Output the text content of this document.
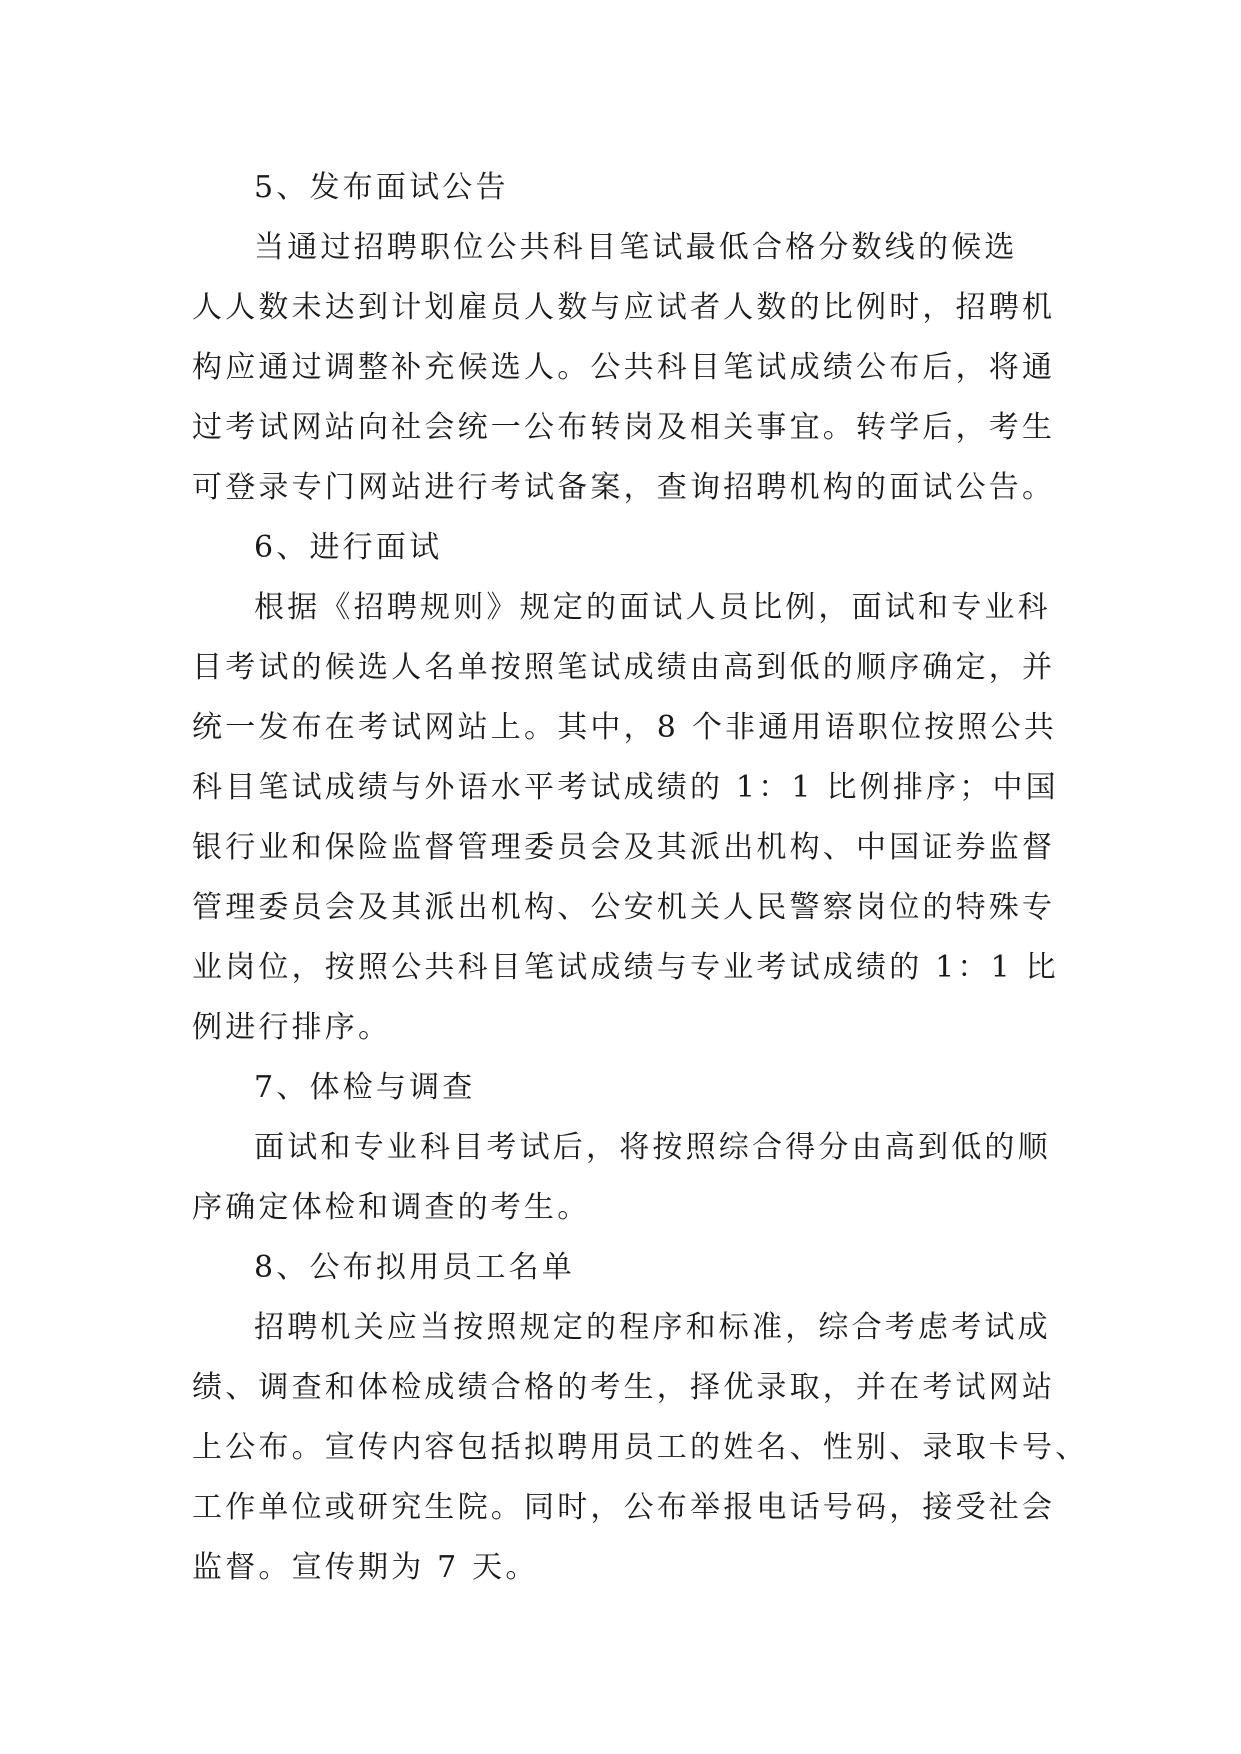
5、发布面试公告
当通过招聘职位公共科目笔试最低合格分数线的候选
人人数未达到计划雇员人数与应试者人数的比例时，招聘机
构应通过调整补充候选人。公共科目笔试成绩公布后，将通
过考试网站向社会统一公布转岗及相关事宜。转学后，考生
可登录专门网站进行考试备案，查询招聘机构的面试公告。
6、进行面试
根据《招聘规则》规定的面试人员比例，面试和专业科
目考试的候选人名单按照笔试成绩由高到低的顺序确定，并
统一发布在考试网站上。其中，8 个非通用语职位按照公共
科目笔试成绩与外语水平考试成绩的 1：1 比例排序；中国
银行业和保险监督管理委员会及其派出机构、中国证券监督
管理委员会及其派出机构、公安机关人民警察岗位的特殊专
业岗位，按照公共科目笔试成绩与专业考试成绩的 1：1 比
例进行排序。
7、体检与调查
面试和专业科目考试后，将按照综合得分由高到低的顺
序确定体检和调查的考生。
8、公布拟用员工名单
招聘机关应当按照规定的程序和标准，综合考虑考试成
绩、调查和体检成绩合格的考生，择优录取，并在考试网站
上公布。宣传内容包括拟聘用员工的姓名、性别、录取卡号、
工作单位或研究生院。同时，公布举报电话号码，接受社会
监督。宣传期为 7 天。
